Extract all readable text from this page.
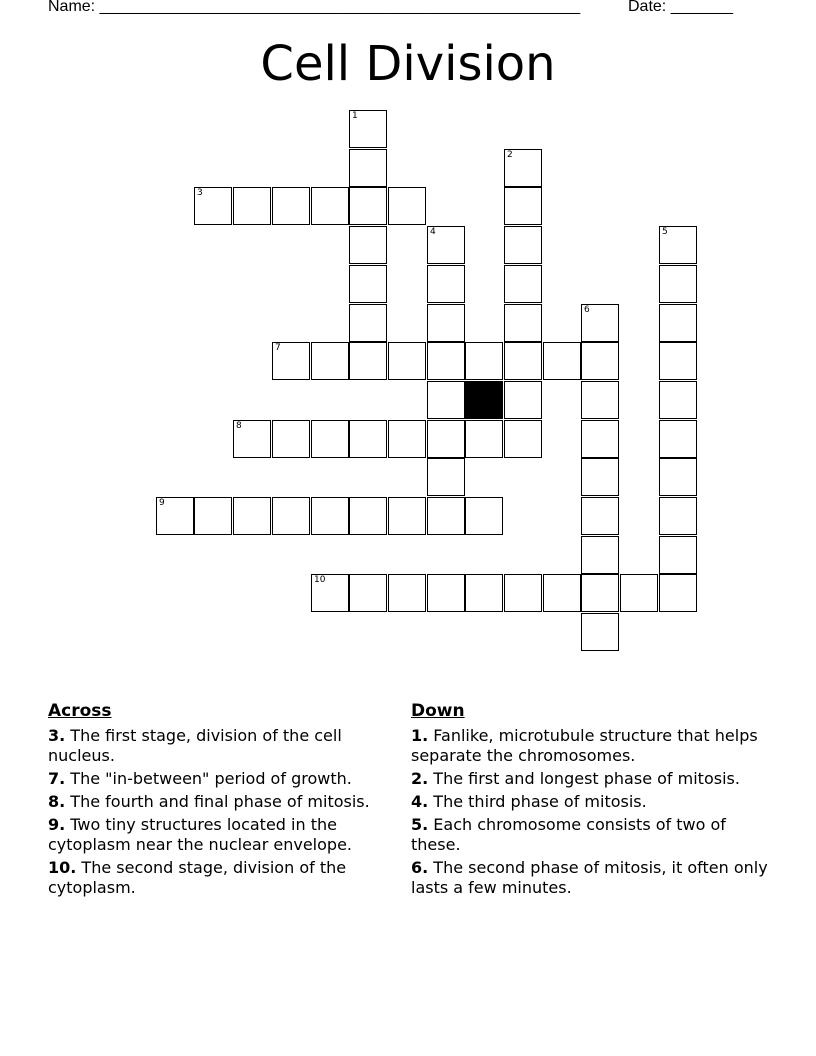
Name: ______________________________________________________	Date: _______
Cell Division
1
2
3
4	5
6
7
8
9
10
Across
3. The first stage, division of the cell nucleus.
7. The "in-between" period of growth.
8. The fourth and final phase of mitosis.
9. Two tiny structures located in the cytoplasm near the nuclear envelope.
10. The second stage, division of the cytoplasm.
Down
1. Fanlike, microtubule structure that helps separate the chromosomes.
2. The first and longest phase of mitosis.
4. The third phase of mitosis.
5. Each chromosome consists of two of these.
6. The second phase of mitosis, it often only lasts a few minutes.
